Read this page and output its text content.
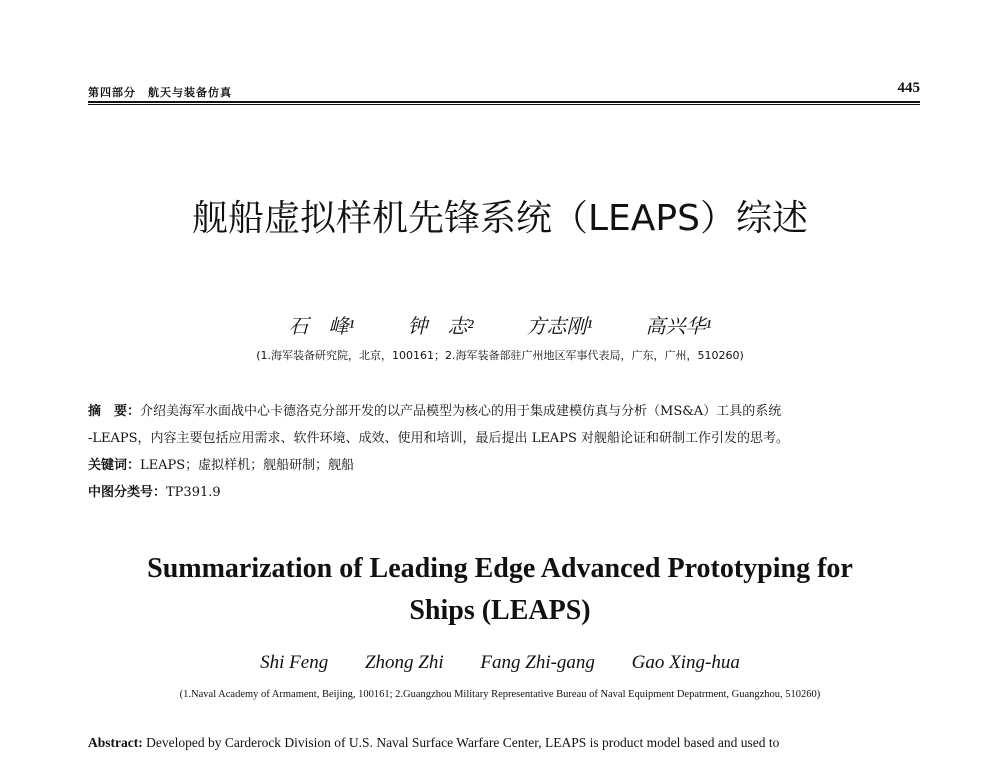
第四部分　航天与装备仿真	445
舰船虚拟样机先锋系统（LEAPS）综述
石　峰¹	钟　志²	方志刚¹	高兴华¹
(1.海军装备研究院，北京，100161；2.海军装备部驻广州地区军事代表局，广东，广州，510260)
摘　要：介绍美海军水面战中心卡德洛克分部开发的以产品模型为核心的用于集成建模仿真与分析（MS&A）工具的系统
-LEAPS，内容主要包括应用需求、软件环境、成效、使用和培训，最后提出 LEAPS 对舰船论证和研制工作引发的思考。
关键词：LEAPS；虚拟样机；舰船研制；舰船
中图分类号：TP391.9
Summarization of Leading Edge Advanced Prototyping for
Ships (LEAPS)
Shi Feng Zhong Zhi Fang Zhi-gang Gao Xing-hua
(1.Naval Academy of Armament, Beijing, 100161; 2.Guangzhou Military Representative Bureau of Naval Equipment Depatrment, Guangzhou, 510260)
Abstract: Developed by Carderock Division of U.S. Naval Surface Warfare Center, LEAPS is product model based and used to
